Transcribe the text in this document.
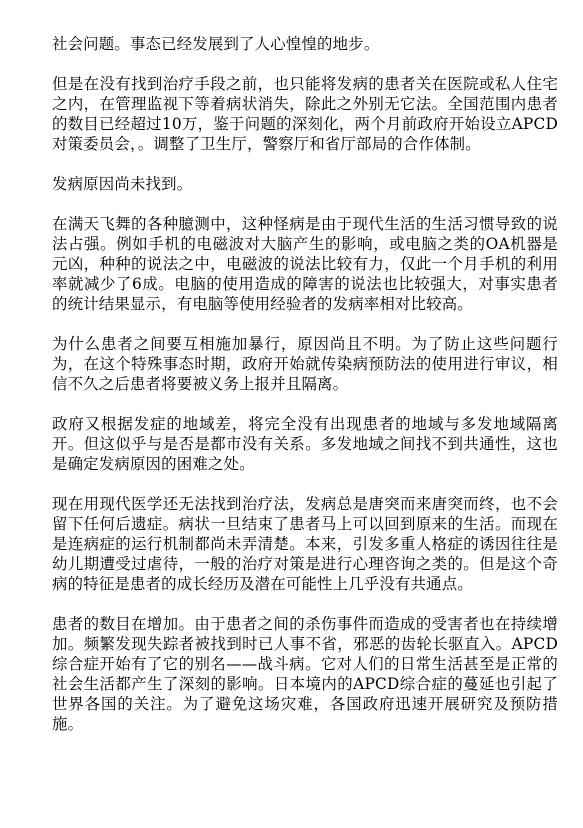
社会问题。事态已经发展到了人心惶惶的地步。

但是在没有找到治疗手段之前，也只能将发病的患者关在医院或私人住宅之内，在管理监视下等着病状消失，除此之外别无它法。全国范围内患者的数目已经超过10万，鉴于问题的深刻化，两个月前政府开始设立APCD对策委员会，。调整了卫生厅，警察厅和省厅部局的合作体制。

发病原因尚未找到。

在满天飞舞的各种臆测中，这种怪病是由于现代生活的生活习惯导致的说法占强。例如手机的电磁波对大脑产生的影响，或电脑之类的OA机器是元凶，种种的说法之中，电磁波的说法比较有力，仅此一个月手机的利用率就减少了6成。电脑的使用造成的障害的说法也比较强大，对事实患者的统计结果显示，有电脑等使用经验者的发病率相对比较高。

为什么患者之间要互相施加暴行，原因尚且不明。为了防止这些问题行为，在这个特殊事态时期，政府开始就传染病预防法的使用进行审议，相信不久之后患者将要被义务上报并且隔离。

政府又根据发症的地域差，将完全没有出现患者的地域与多发地域隔离开。但这似乎与是否是都市没有关系。多发地域之间找不到共通性，这也是确定发病原因的困难之处。

现在用现代医学还无法找到治疗法，发病总是唐突而来唐突而终，也不会留下任何后遗症。病状一旦结束了患者马上可以回到原来的生活。而现在是连病症的运行机制都尚未弄清楚。本来，引发多重人格症的诱因往往是幼儿期遭受过虐待，一般的治疗对策是进行心理咨询之类的。但是这个奇病的特征是患者的成长经历及潜在可能性上几乎没有共通点。

患者的数目在增加。由于患者之间的杀伤事件而造成的受害者也在持续增加。频繁发现失踪者被找到时已人事不省，邪恶的齿轮长驱直入。APCD综合症开始有了它的别名——战斗病。它对人们的日常生活甚至是正常的社会生活都产生了深刻的影响。日本境内的APCD综合症的蔓延也引起了世界各国的关注。为了避免这场灾难，各国政府迅速开展研究及预防措施。
